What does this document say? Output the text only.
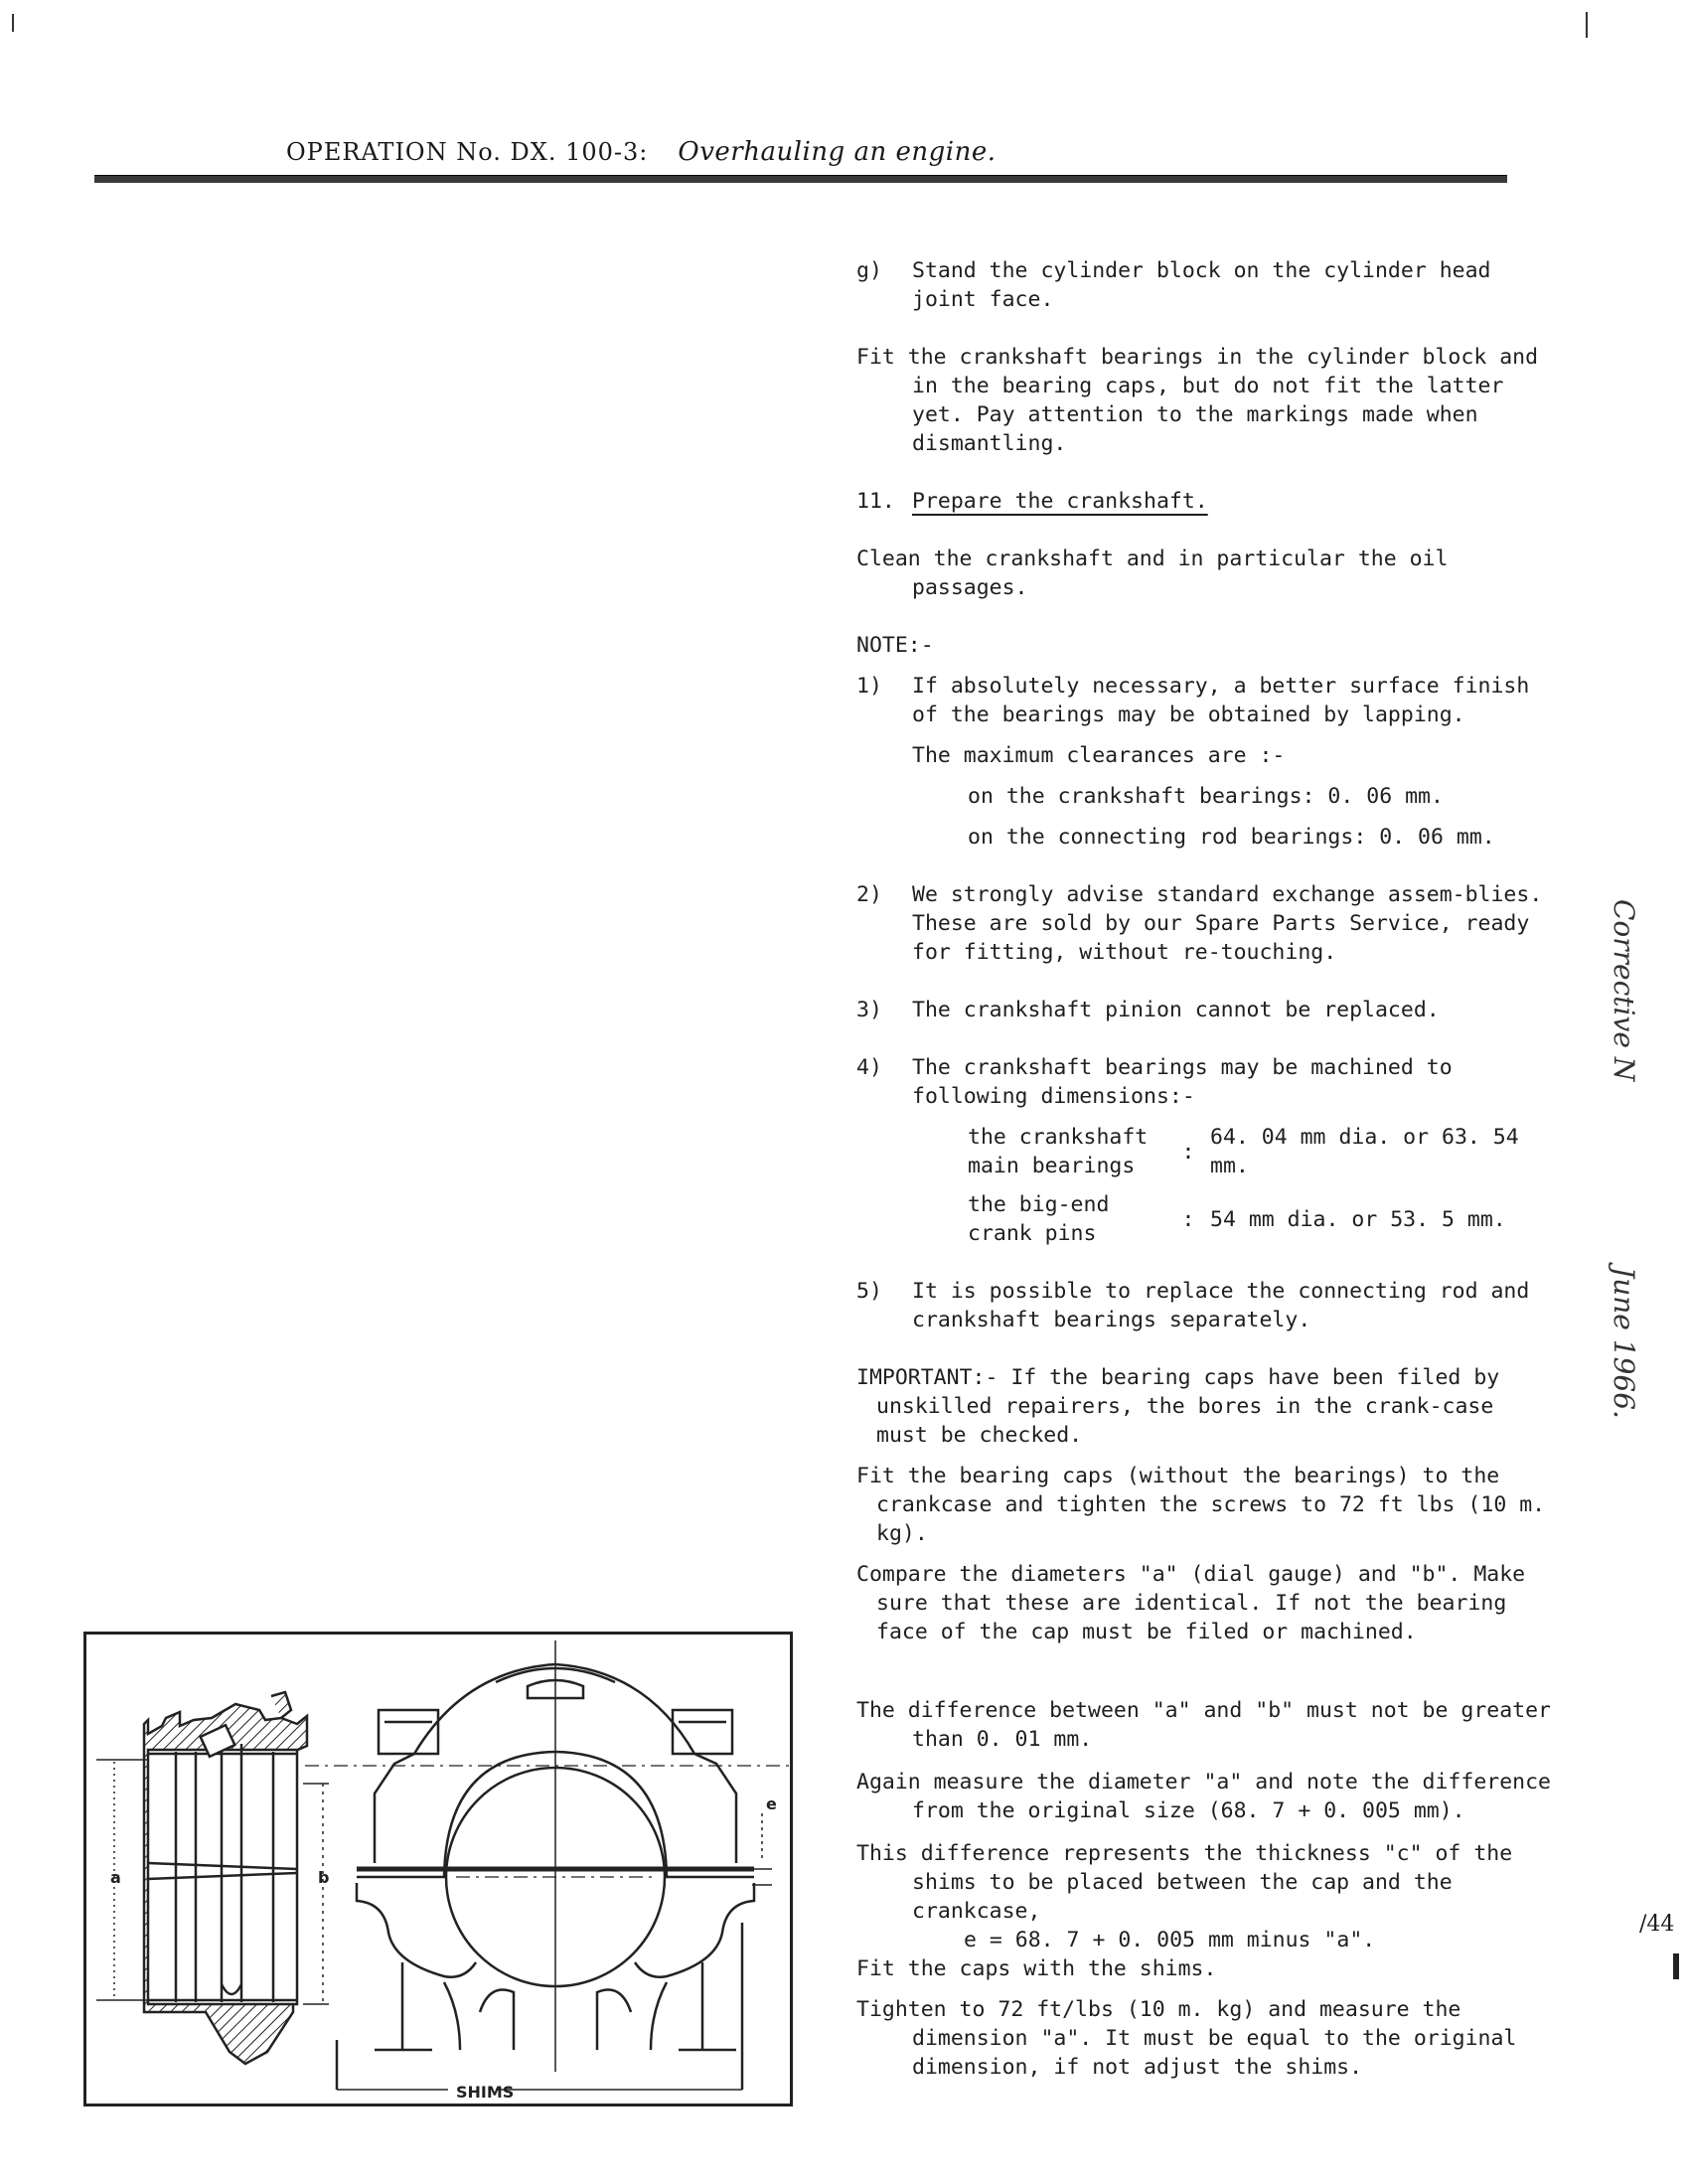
OPERATION No. DX. 100-3: Overhauling an engine.

g) Stand the cylinder block on the cylinder head joint face.

Fit the crankshaft bearings in the cylinder block and in the bearing caps, but do not fit the latter yet. Pay attention to the markings made when dismantling.

11. Prepare the crankshaft.

Clean the crankshaft and in particular the oil passages.

NOTE:-

1) If absolutely necessary, a better surface finish of the bearings may be obtained by lapping.

The maximum clearances are :-

on the crankshaft bearings: 0. 06 mm.

on the connecting rod bearings: 0. 06 mm.

2) We strongly advise standard exchange assem-blies. These are sold by our Spare Parts Service, ready for fitting, without re-touching.

3) The crankshaft pinion cannot be replaced.

4) The crankshaft bearings may be machined to following dimensions:-

the crankshaft main bearings
:
64. 04 mm dia. or 63. 54 mm.
the big-end crank pins
: 54 mm dia. or 53. 5 mm.

5) It is possible to replace the connecting rod and crankshaft bearings separately.

IMPORTANT:- If the bearing caps have been filed by unskilled repairers, the bores in the crank-case must be checked.

Fit the bearing caps (without the bearings) to the crankcase and tighten the screws to 72 ft lbs (10 m. kg).

Compare the diameters "a" (dial gauge) and "b". Make sure that these are identical. If not the bearing face of the cap must be filed or machined.

The difference between "a" and "b" must not be greater than 0. 01 mm.

Again measure the diameter "a" and note the difference from the original size (68. 7 + 0. 005 mm).

This difference represents the thickness "c" of the shims to be placed between the cap and the crankcase,

e = 68. 7 + 0. 005 mm minus "a".

Fit the caps with the shims.

Tighten to 72 ft/lbs (10 m. kg) and measure the dimension "a". It must be equal to the original dimension, if not adjust the shims.

Corrective N
June 1966.
/44
a	b
e
SHIMS
